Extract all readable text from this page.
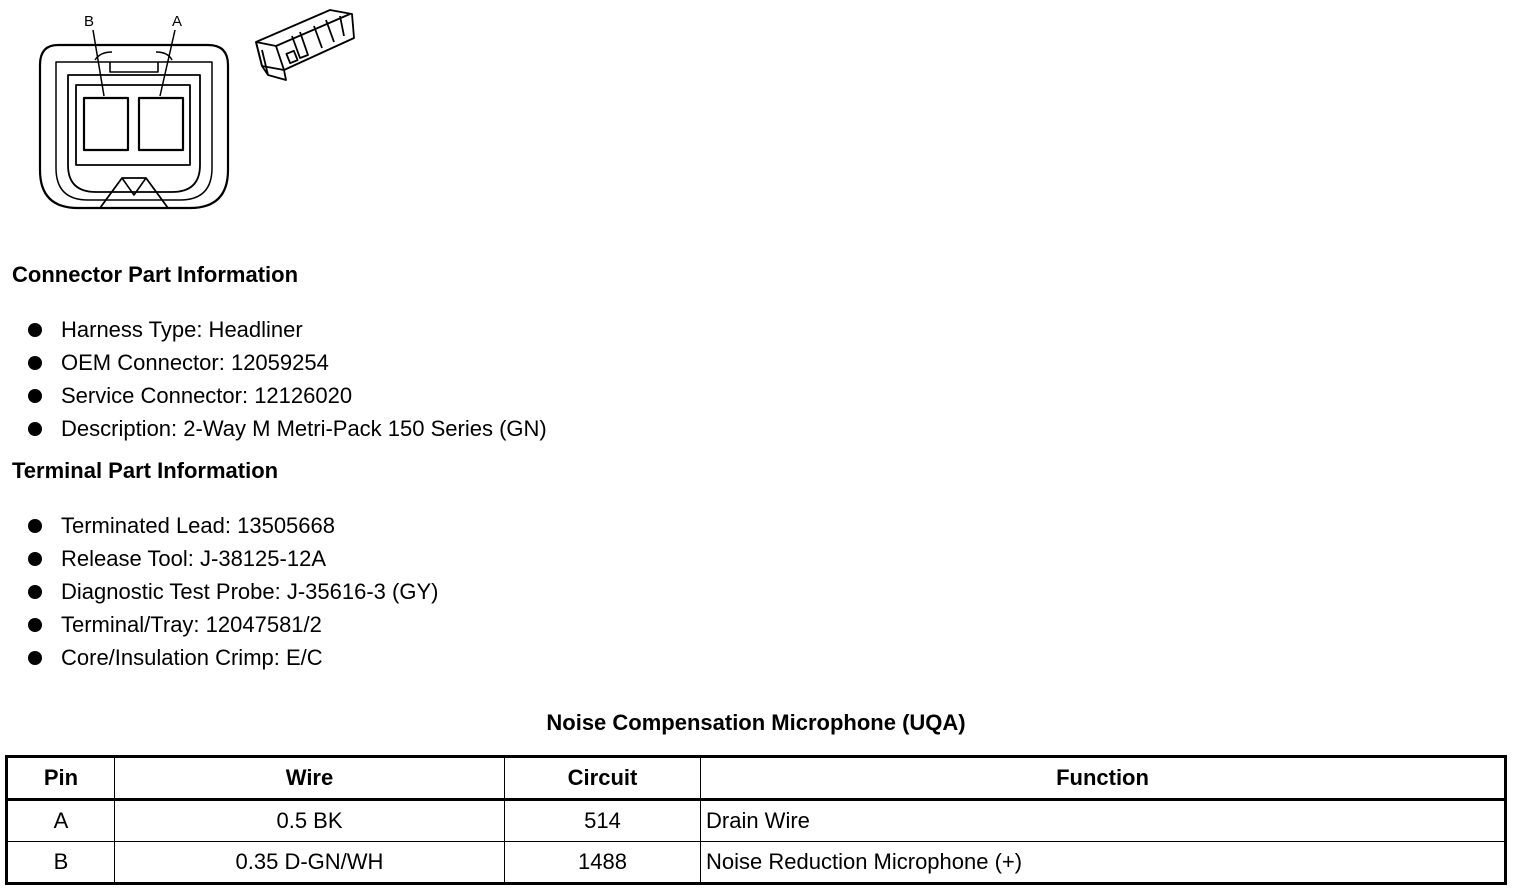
B	A
Connector Part Information
Harness Type: Headliner
OEM Connector: 12059254
Service Connector: 12126020
Description: 2-Way M Metri-Pack 150 Series (GN)
Terminal Part Information
Terminated Lead: 13505668
Release Tool: J-38125-12A
Diagnostic Test Probe: J-35616-3 (GY)
Terminal/Tray: 12047581/2
Core/Insulation Crimp: E/C
Noise Compensation Microphone (UQA)
Pin	Wire	Circuit	Function
A	0.5 BK	514	Drain Wire
B	0.35 D-GN/WH	1488	Noise Reduction Microphone (+)
